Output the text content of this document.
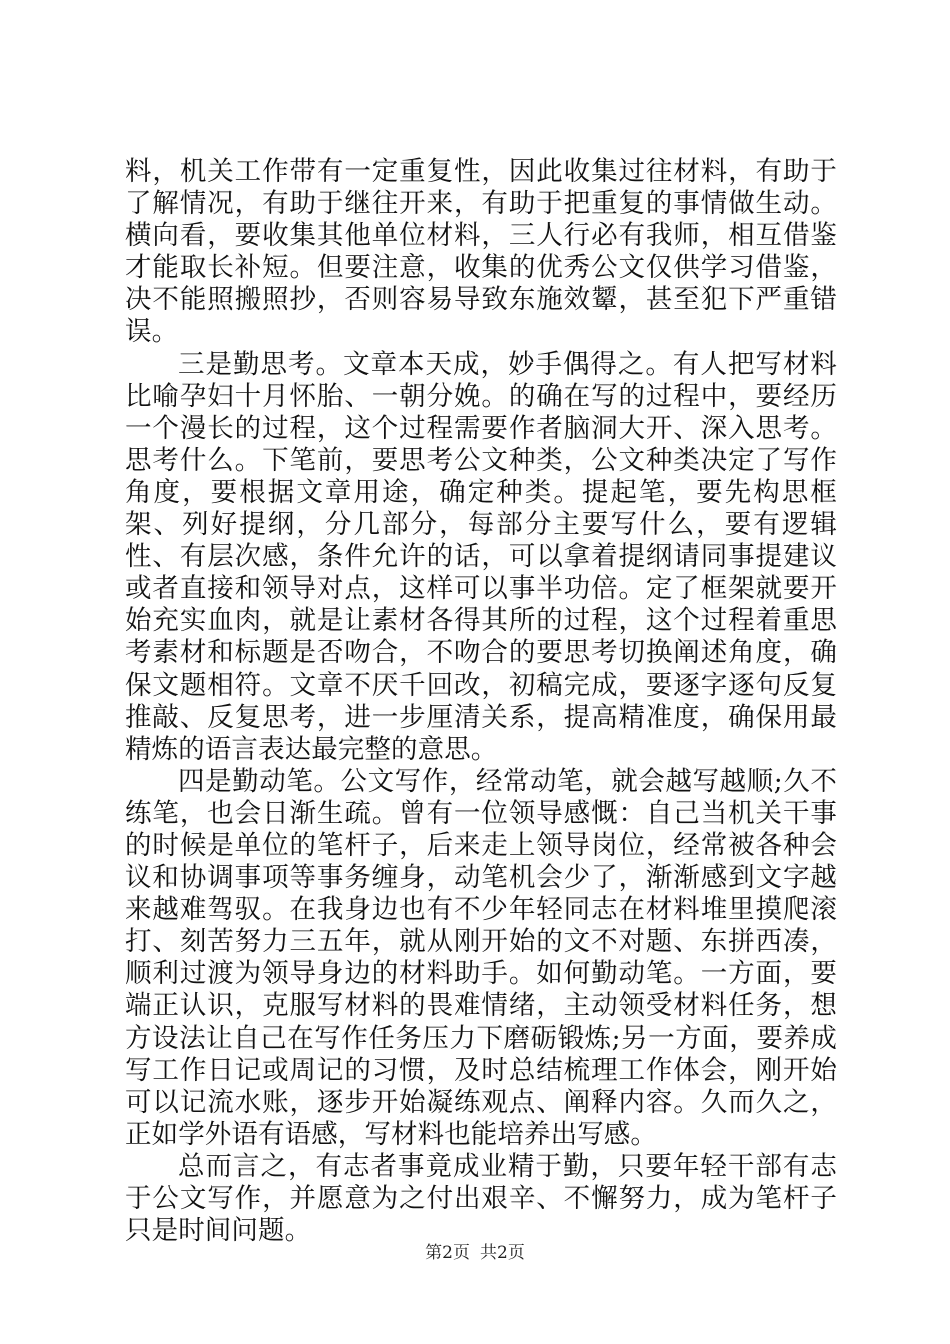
料，机关工作带有一定重复性，因此收集过往材料，有助于了解情况，有助于继往开来，有助于把重复的事情做生动。横向看，要收集其他单位材料，三人行必有我师，相互借鉴才能取长补短。但要注意，收集的优秀公文仅供学习借鉴，决不能照搬照抄，否则容易导致东施效颦，甚至犯下严重错误。

三是勤思考。文章本天成，妙手偶得之。有人把写材料比喻孕妇十月怀胎、一朝分娩。的确在写的过程中，要经历一个漫长的过程，这个过程需要作者脑洞大开、深入思考。思考什么。下笔前，要思考公文种类，公文种类决定了写作角度，要根据文章用途，确定种类。提起笔，要先构思框架、列好提纲，分几部分，每部分主要写什么，要有逻辑性、有层次感，条件允许的话，可以拿着提纲请同事提建议或者直接和领导对点，这样可以事半功倍。定了框架就要开始充实血肉，就是让素材各得其所的过程，这个过程着重思考素材和标题是否吻合，不吻合的要思考切换阐述角度，确保文题相符。文章不厌千回改，初稿完成，要逐字逐句反复推敲、反复思考，进一步厘清关系，提高精准度，确保用最精炼的语言表达最完整的意思。

四是勤动笔。公文写作，经常动笔，就会越写越顺;久不练笔，也会日渐生疏。曾有一位领导感慨：自己当机关干事的时候是单位的笔杆子，后来走上领导岗位，经常被各种会议和协调事项等事务缠身，动笔机会少了，渐渐感到文字越来越难驾驭。在我身边也有不少年轻同志在材料堆里摸爬滚打、刻苦努力三五年，就从刚开始的文不对题、东拼西凑，顺利过渡为领导身边的材料助手。如何勤动笔。一方面，要端正认识，克服写材料的畏难情绪，主动领受材料任务，想方设法让自己在写作任务压力下磨砺锻炼;另一方面，要养成写工作日记或周记的习惯，及时总结梳理工作体会，刚开始可以记流水账，逐步开始凝练观点、阐释内容。久而久之，正如学外语有语感，写材料也能培养出写感。

总而言之，有志者事竟成业精于勤，只要年轻干部有志于公文写作，并愿意为之付出艰辛、不懈努力，成为笔杆子只是时间问题。

第2页 共2页
